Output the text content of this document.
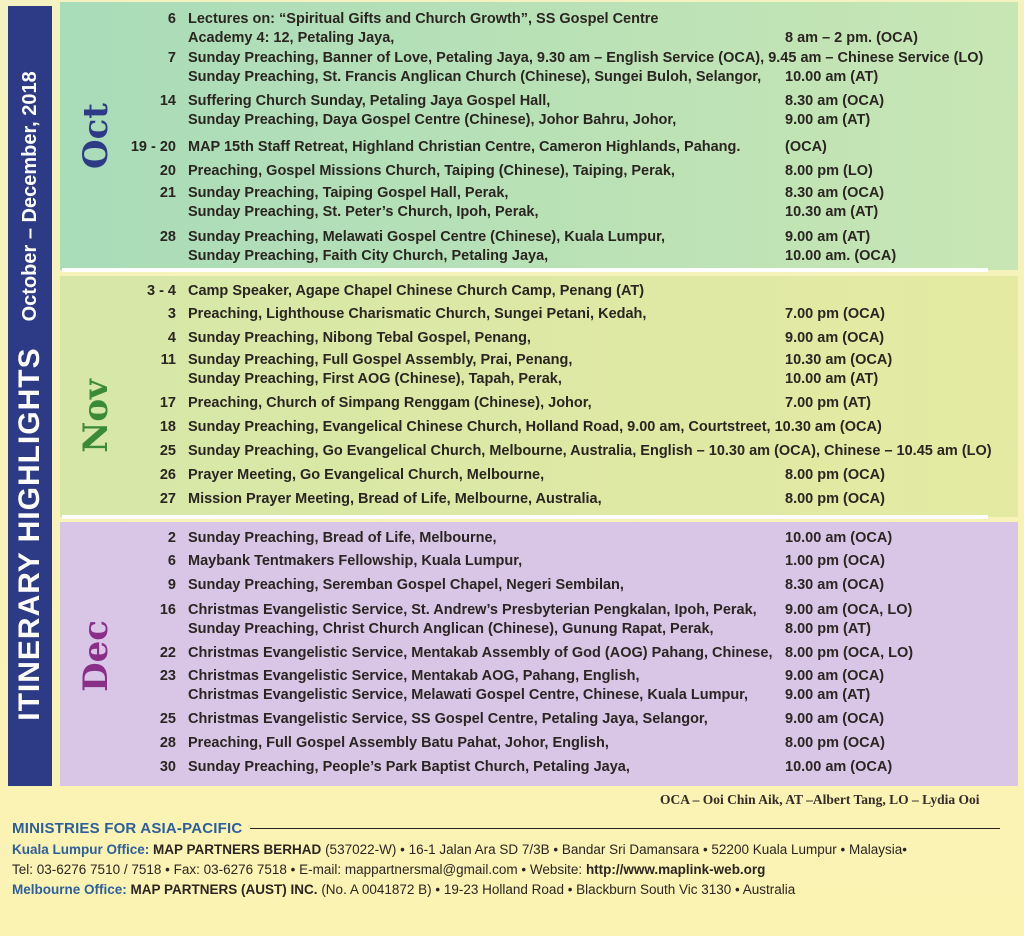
ITINERARY HIGHLIGHTS
October – December, 2018 Oct
6 Lectures on: “Spiritual Gifts and Church Growth”, SS Gospel Centre
Academy 4: 12, Petaling Jaya,	8 am – 2 pm. (OCA)
7 Sunday Preaching, Banner of Love, Petaling Jaya, 9.30 am – English Service (OCA), 9.45 am – Chinese Service (LO)
Sunday Preaching, St. Francis Anglican Church (Chinese), Sungei Buloh, Selangor, 10.00 am (AT)
14 Suffering Church Sunday, Petaling Jaya Gospel Hall,	8.30 am (OCA)
Sunday Preaching, Daya Gospel Centre (Chinese), Johor Bahru, Johor,	9.00 am (AT)
19 - 20 MAP 15th Staff Retreat, Highland Christian Centre, Cameron Highlands, Pahang.	(OCA)
20 Preaching, Gospel Missions Church, Taiping (Chinese), Taiping, Perak,	8.00 pm (LO)
21 Sunday Preaching, Taiping Gospel Hall, Perak,	8.30 am (OCA)
Sunday Preaching, St. Peter’s Church, Ipoh, Perak,	10.30 am (AT)
28 Sunday Preaching, Melawati Gospel Centre (Chinese), Kuala Lumpur,	9.00 am (AT)
Sunday Preaching, Faith City Church, Petaling Jaya,	10.00 am. (OCA)
Nov
3 - 4 Camp Speaker, Agape Chapel Chinese Church Camp, Penang (AT)
3 Preaching, Lighthouse Charismatic Church, Sungei Petani, Kedah,	7.00 pm (OCA)
4 Sunday Preaching, Nibong Tebal Gospel, Penang,	9.00 am (OCA)
11 Sunday Preaching, Full Gospel Assembly, Prai, Penang,	10.30 am (OCA)
Sunday Preaching, First AOG (Chinese), Tapah, Perak,	10.00 am (AT)
17 Preaching, Church of Simpang Renggam (Chinese), Johor,	7.00 pm (AT)
18 Sunday Preaching, Evangelical Chinese Church, Holland Road, 9.00 am, Courtstreet, 10.30 am (OCA)
25 Sunday Preaching, Go Evangelical Church, Melbourne, Australia, English – 10.30 am (OCA), Chinese – 10.45 am (LO)
26 Prayer Meeting, Go Evangelical Church, Melbourne,	8.00 pm (OCA)
27 Mission Prayer Meeting, Bread of Life, Melbourne, Australia,	8.00 pm (OCA)
Dec
2 Sunday Preaching, Bread of Life, Melbourne,	10.00 am (OCA)
6 Maybank Tentmakers Fellowship, Kuala Lumpur,	1.00 pm (OCA)
9 Sunday Preaching, Seremban Gospel Chapel, Negeri Sembilan,	8.30 am (OCA)
16 Christmas Evangelistic Service, St. Andrew’s Presbyterian Pengkalan, Ipoh, Perak, 9.00 am (OCA, LO)
Sunday Preaching, Christ Church Anglican (Chinese), Gunung Rapat, Perak,	8.00 pm (AT)
22 Christmas Evangelistic Service, Mentakab Assembly of God (AOG) Pahang, Chinese, 8.00 pm (OCA, LO)
23 Christmas Evangelistic Service, Mentakab AOG, Pahang, English,	9.00 am (OCA)
Christmas Evangelistic Service, Melawati Gospel Centre, Chinese, Kuala Lumpur,	9.00 am (AT)
25 Christmas Evangelistic Service, SS Gospel Centre, Petaling Jaya, Selangor,	9.00 am (OCA)
28 Preaching, Full Gospel Assembly Batu Pahat, Johor, English,	8.00 pm (OCA)
30 Sunday Preaching, People’s Park Baptist Church, Petaling Jaya,	10.00 am (OCA)
OCA – Ooi Chin Aik, AT –Albert Tang, LO – Lydia Ooi
MINISTRIES FOR ASIA-PACIFIC
Kuala Lumpur Office: MAP PARTNERS BERHAD (537022-W) • 16-1 Jalan Ara SD 7/3B • Bandar Sri Damansara • 52200 Kuala Lumpur • Malaysia•
Tel: 03-6276 7510 / 7518 • Fax: 03-6276 7518 • E-mail: mappartnersmal@gmail.com • Website: http://www.maplink-web.org
Melbourne Office: MAP PARTNERS (AUST) INC. (No. A 0041872 B) • 19-23 Holland Road • Blackburn South Vic 3130 • Australia
